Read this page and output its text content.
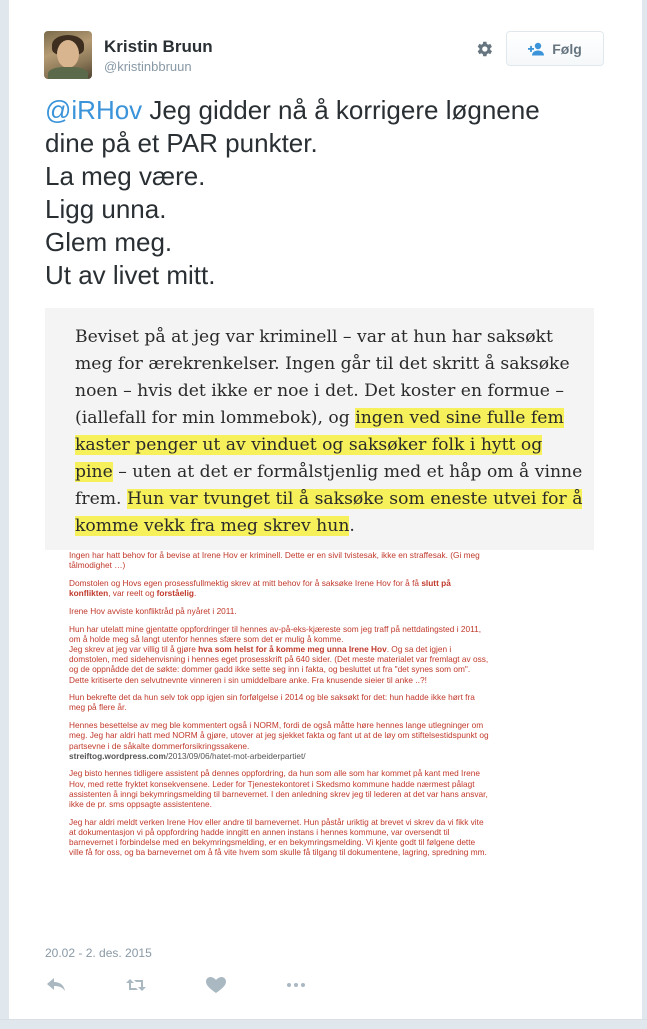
Kristin Bruun
@kristinbbruun
Følg
@iRHov Jeg gidder nå å korrigere løgnene
dine på et PAR punkter.
La meg være.
Ligg unna.
Glem meg.
Ut av livet mitt.
Beviset på at jeg var kriminell – var at hun har saksøkt meg for ærekrenkelser. Ingen går til det skritt å saksøke noen – hvis det ikke er noe i det. Det koster en formue – (iallefall for min lommebok), og ingen ved sine fulle fem kaster penger ut av vinduet og saksøker folk i hytt og pine – uten at det er formålstjenlig med et håp om å vinne frem. Hun var tvunget til å saksøke som eneste utvei for å komme vekk fra meg skrev hun.

Ingen har hatt behov for å bevise at Irene Hov er kriminell. Dette er en sivil tvistesak, ikke en straffesak. (Gi meg tålmodighet …)

Domstolen og Hovs egen prosessfullmektig skrev at mitt behov for å saksøke Irene Hov for å få slutt på konflikten, var reelt og forståelig.

Irene Hov avviste konfliktråd på nyåret i 2011.

Hun har utelatt mine gjentatte oppfordringer til hennes av-på-eks-kjæreste som jeg traff på nettdatingsted i 2011, om å holde meg så langt utenfor hennes sfære som det er mulig å komme.
Jeg skrev at jeg var villig til å gjøre hva som helst for å komme meg unna Irene Hov. Og sa det igjen i domstolen, med sidehenvisning i hennes eget prosesskrift på 640 sider. (Det meste materialet var fremlagt av oss, og de oppnådde det de søkte: dommer gadd ikke sette seg inn i fakta, og besluttet ut fra "det synes som om". Dette kritiserte den selvutnevnte vinneren i sin umiddelbare anke. Fra knusende sieier til anke ..?!

Hun bekrefte det da hun selv tok opp igjen sin forfølgelse i 2014 og ble saksøkt for det: hun hadde ikke hørt fra meg på flere år.

Hennes besettelse av meg ble kommentert også i NORM, fordi de også måtte høre hennes lange utlegninger om meg. Jeg har aldri hatt med NORM å gjøre, utover at jeg sjekket fakta og fant ut at de løy om stiftelsestidspunkt og partsevne i de såkalte dommerforsikringssakene.
streiftog.wordpress.com/2013/09/06/hatet-mot-arbeiderpartiet/

Jeg bisto hennes tidligere assistent på dennes oppfordring, da hun som alle som har kommet på kant med Irene Hov, med rette fryktet konsekvensene. Leder for Tjenestekontoret i Skedsmo kommune hadde nærmest pålagt assistenten å inngi bekymringsmelding til barnevernet. I den anledning skrev jeg til lederen at det var hans ansvar, ikke de pr. sms oppsagte assistentene.

Jeg har aldri meldt verken Irene Hov eller andre til barnevernet. Hun påstår uriktig at brevet vi skrev da vi fikk vite at dokumentasjon vi på oppfordring hadde inngitt en annen instans i hennes kommune, var oversendt til barnevernet i forbindelse med en bekymringsmelding, er en bekymringsmelding. Vi kjente godt til følgene dette ville få for oss, og ba barnevernet om å få vite hvem som skulle få tilgang til dokumentene, lagring, spredning mm.

20.02 - 2. des. 2015
